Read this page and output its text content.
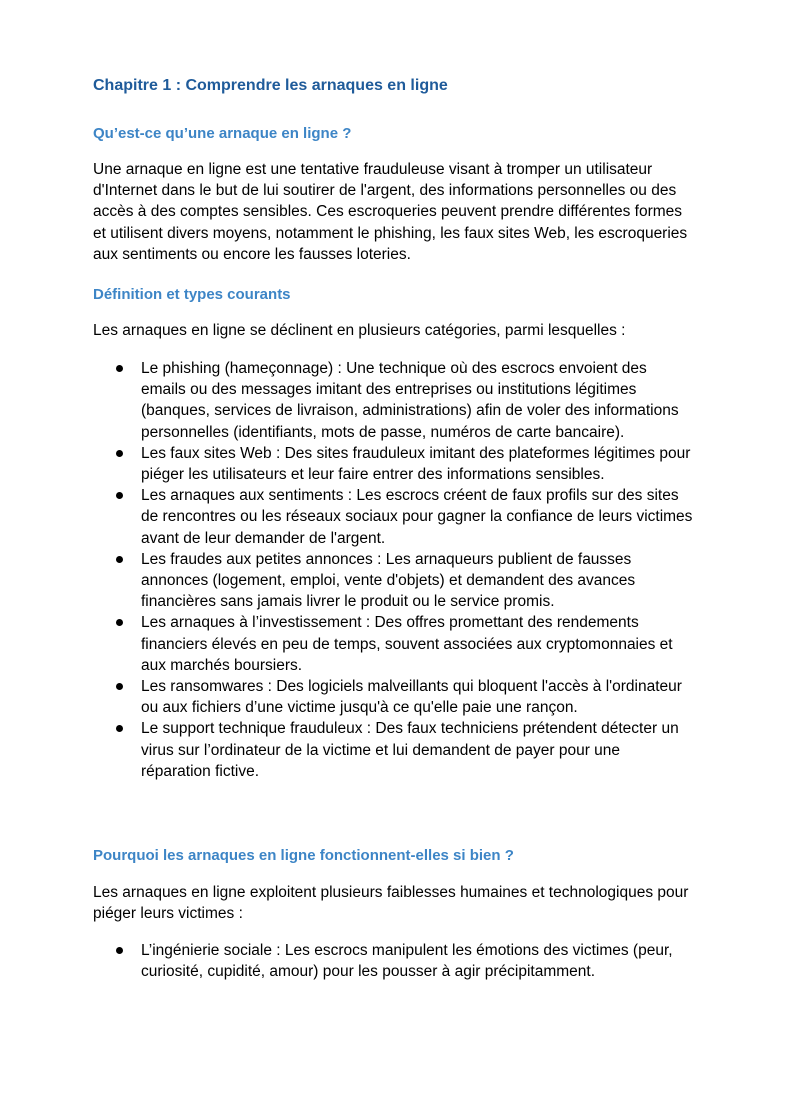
Chapitre 1 : Comprendre les arnaques en ligne
Qu’est-ce qu’une arnaque en ligne ?

Une arnaque en ligne est une tentative frauduleuse visant à tromper un utilisateur d'Internet dans le but de lui soutirer de l'argent, des informations personnelles ou des accès à des comptes sensibles. Ces escroqueries peuvent prendre différentes formes et utilisent divers moyens, notamment le phishing, les faux sites Web, les escroqueries aux sentiments ou encore les fausses loteries.

Définition et types courants

Les arnaques en ligne se déclinent en plusieurs catégories, parmi lesquelles :

Le phishing (hameçonnage) : Une technique où des escrocs envoient des emails ou des messages imitant des entreprises ou institutions légitimes (banques, services de livraison, administrations) afin de voler des informations personnelles (identifiants, mots de passe, numéros de carte bancaire).
Les faux sites Web : Des sites frauduleux imitant des plateformes légitimes pour piéger les utilisateurs et leur faire entrer des informations sensibles.
Les arnaques aux sentiments : Les escrocs créent de faux profils sur des sites de rencontres ou les réseaux sociaux pour gagner la confiance de leurs victimes avant de leur demander de l'argent.
Les fraudes aux petites annonces : Les arnaqueurs publient de fausses annonces (logement, emploi, vente d'objets) et demandent des avances financières sans jamais livrer le produit ou le service promis.
Les arnaques à l’investissement : Des offres promettant des rendements financiers élevés en peu de temps, souvent associées aux cryptomonnaies et aux marchés boursiers.
Les ransomwares : Des logiciels malveillants qui bloquent l'accès à l'ordinateur ou aux fichiers d’une victime jusqu'à ce qu'elle paie une rançon.
Le support technique frauduleux : Des faux techniciens prétendent détecter un virus sur l’ordinateur de la victime et lui demandent de payer pour une réparation fictive.
Pourquoi les arnaques en ligne fonctionnent-elles si bien ?

Les arnaques en ligne exploitent plusieurs faiblesses humaines et technologiques pour piéger leurs victimes :

L’ingénierie sociale : Les escrocs manipulent les émotions des victimes (peur, curiosité, cupidité, amour) pour les pousser à agir précipitamment.
